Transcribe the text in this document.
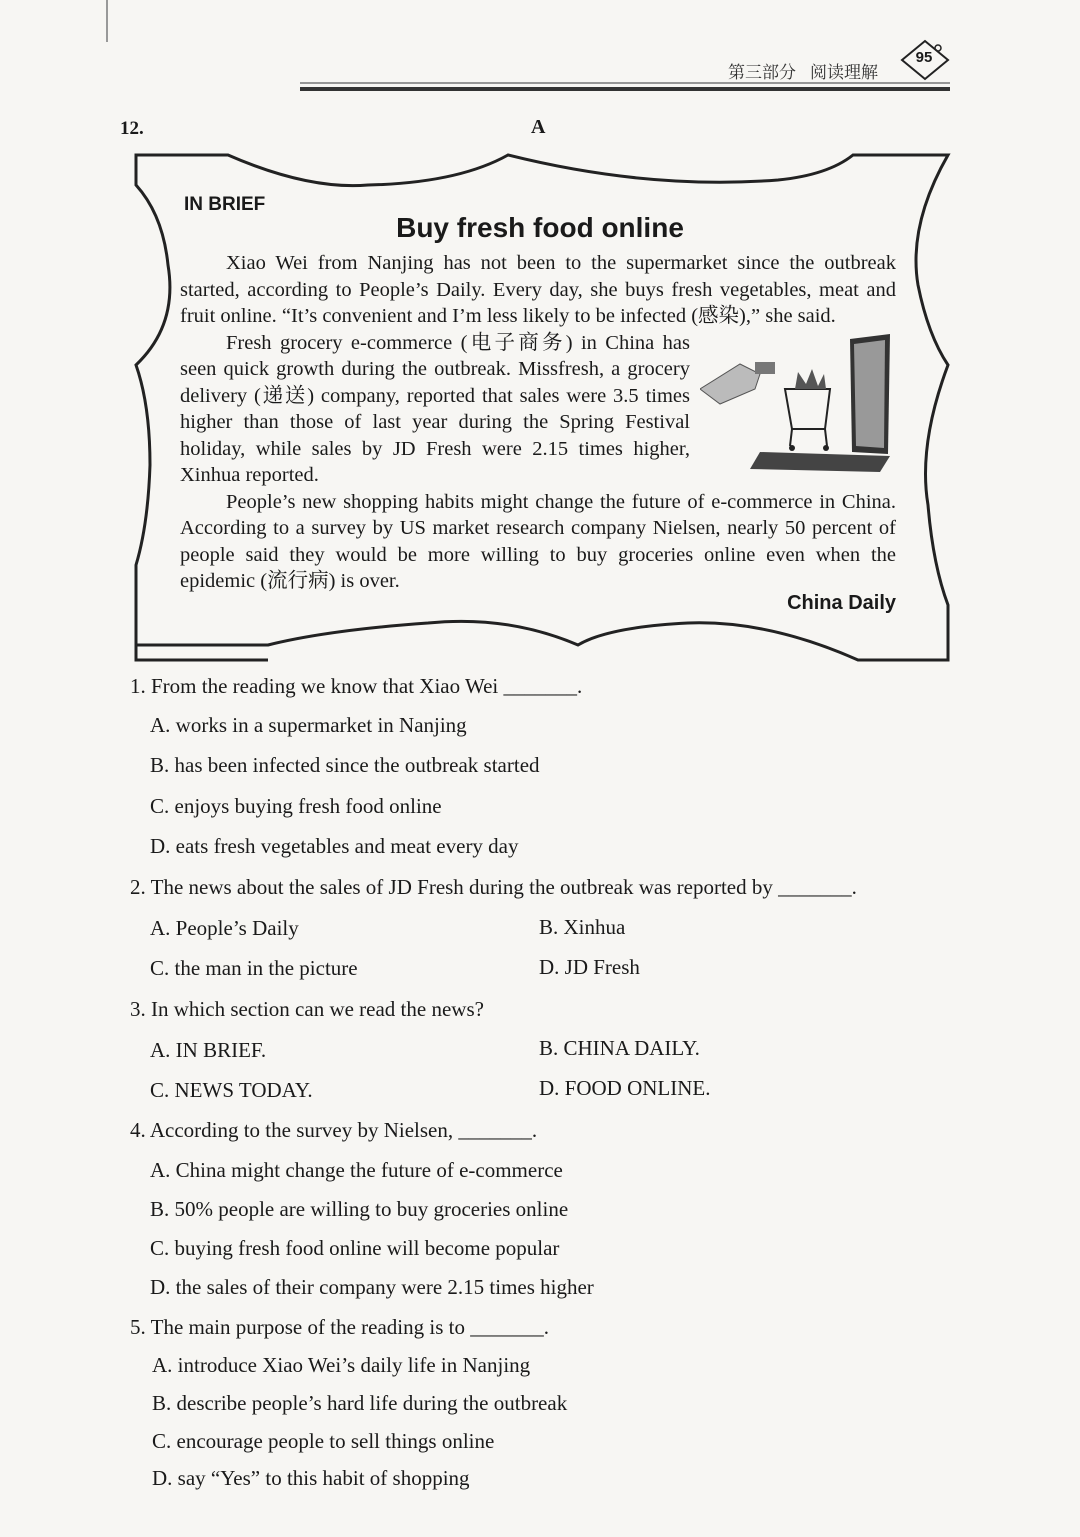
第三部分 阅读理解
95
12.	A
IN BRIEF
Buy fresh food online

Xiao Wei from Nanjing has not been to the supermarket since the outbreak started, according to People’s Daily. Every day, she buys fresh vegetables, meat and fruit online. “It’s convenient and I’m less likely to be infected (感染),” she said.

Fresh grocery e-commerce (电子商务) in China has seen quick growth during the outbreak. Missfresh, a grocery delivery (递送) company, reported that sales were 3.5 times higher than those of last year during the Spring Festival holiday, while sales by JD Fresh were 2.15 times higher, Xinhua reported.

People’s new shopping habits might change the future of e-commerce in China. According to a survey by US market research company Nielsen, nearly 50 percent of people said they would be more willing to buy groceries online even when the epidemic (流行病) is over.

China Daily
1. From the reading we know that Xiao Wei _______.
A. works in a supermarket in Nanjing
B. has been infected since the outbreak started
C. enjoys buying fresh food online
D. eats fresh vegetables and meat every day
2. The news about the sales of JD Fresh during the outbreak was reported by _______.
A. People’s Daily	B. Xinhua
C. the man in the picture	D. JD Fresh
3. In which section can we read the news?
A. IN BRIEF.	B. CHINA DAILY.
C. NEWS TODAY.	D. FOOD ONLINE.
4. According to the survey by Nielsen, _______.
A. China might change the future of e-commerce
B. 50% people are willing to buy groceries online
C. buying fresh food online will become popular
D. the sales of their company were 2.15 times higher
5. The main purpose of the reading is to _______.
A. introduce Xiao Wei’s daily life in Nanjing
B. describe people’s hard life during the outbreak
C. encourage people to sell things online
D. say “Yes” to this habit of shopping
